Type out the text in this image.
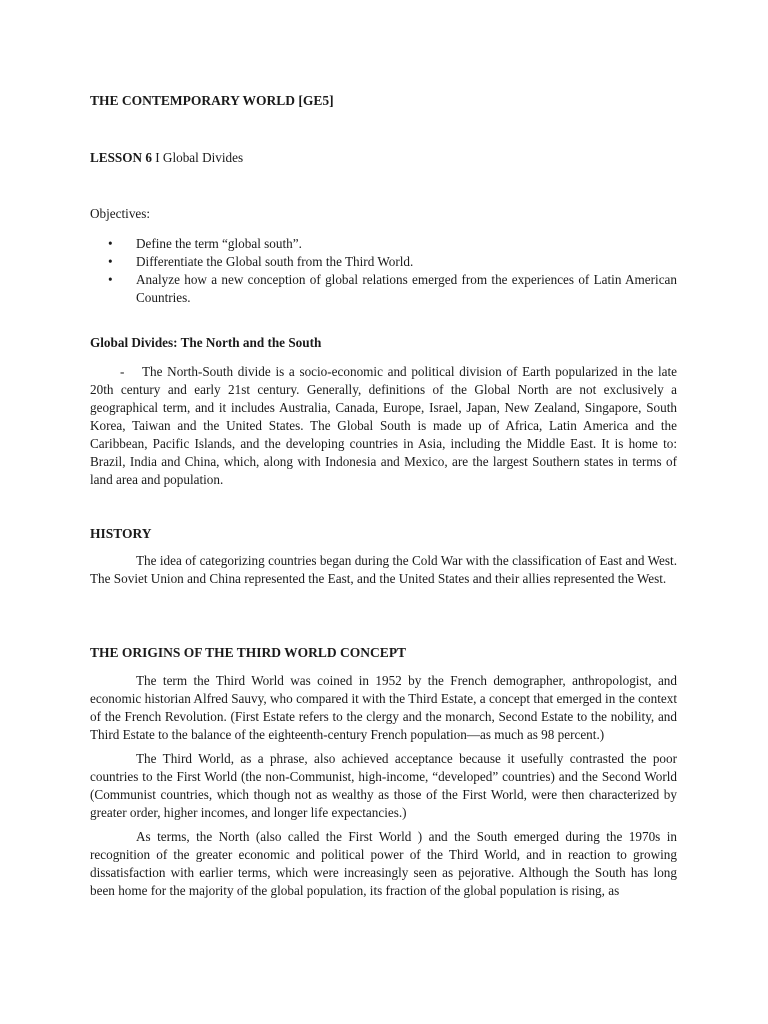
THE CONTEMPORARY WORLD [GE5]
LESSON 6 I Global Divides
Objectives:
• Define the term “global south”.
• Differentiate the Global south from the Third World.
• Analyze how a new conception of global relations emerged from the experiences of Latin American Countries.
Global Divides: The North and the South

- The North-South divide is a socio-economic and political division of Earth popularized in the late 20th century and early 21st century. Generally, definitions of the Global North are not exclusively a geographical term, and it includes Australia, Canada, Europe, Israel, Japan, New Zealand, Singapore, South Korea, Taiwan and the United States. The Global South is made up of Africa, Latin America and the Caribbean, Pacific Islands, and the developing countries in Asia, including the Middle East. It is home to: Brazil, India and China, which, along with Indonesia and Mexico, are the largest Southern states in terms of land area and population.

HISTORY

The idea of categorizing countries began during the Cold War with the classification of East and West. The Soviet Union and China represented the East, and the United States and their allies represented the West.

THE ORIGINS OF THE THIRD WORLD CONCEPT

The term the Third World was coined in 1952 by the French demographer, anthropologist, and economic historian Alfred Sauvy, who compared it with the Third Estate, a concept that emerged in the context of the French Revolution. (First Estate refers to the clergy and the monarch, Second Estate to the nobility, and Third Estate to the balance of the eighteenth-century French population—as much as 98 percent.)

The Third World, as a phrase, also achieved acceptance because it usefully contrasted the poor countries to the First World (the non-Communist, high-income, “developed” countries) and the Second World (Communist countries, which though not as wealthy as those of the First World, were then characterized by greater order, higher incomes, and longer life expectancies.)

As terms, the North (also called the First World ) and the South emerged during the 1970s in recognition of the greater economic and political power of the Third World, and in reaction to growing dissatisfaction with earlier terms, which were increasingly seen as pejorative. Although the South has long been home for the majority of the global population, its fraction of the global population is rising, as
